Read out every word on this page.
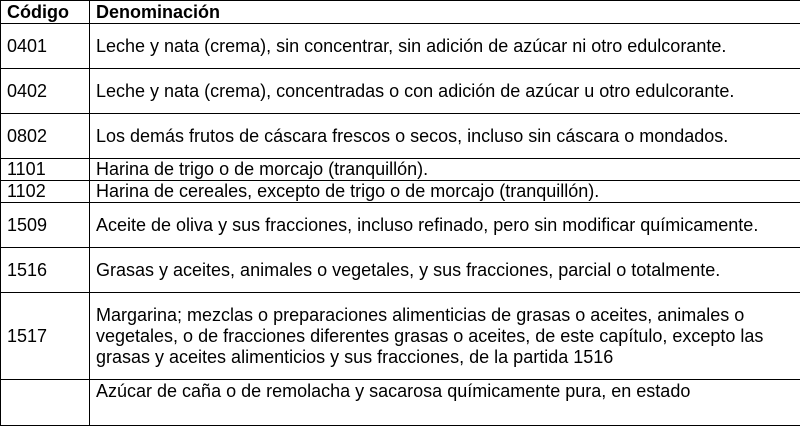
Código	Denominación
0401	Leche y nata (crema), sin concentrar, sin adición de azúcar ni otro edulcorante.
0402	Leche y nata (crema), concentradas o con adición de azúcar u otro edulcorante.
0802	Los demás frutos de cáscara frescos o secos, incluso sin cáscara o mondados.
1101	Harina de trigo o de morcajo (tranquillón).
1102	Harina de cereales, excepto de trigo o de morcajo (tranquillón).
1509	Aceite de oliva y sus fracciones, incluso refinado, pero sin modificar químicamente.
1516	Grasas y aceites, animales o vegetales, y sus fracciones, parcial o totalmente.
1517	Margarina; mezclas o preparaciones alimenticias de grasas o aceites, animales o vegetales, o de fracciones diferentes grasas o aceites, de este capítulo, excepto las grasas y aceites alimenticios y sus fracciones, de la partida 1516
	Azúcar de caña o de remolacha y sacarosa químicamente pura, en estado
